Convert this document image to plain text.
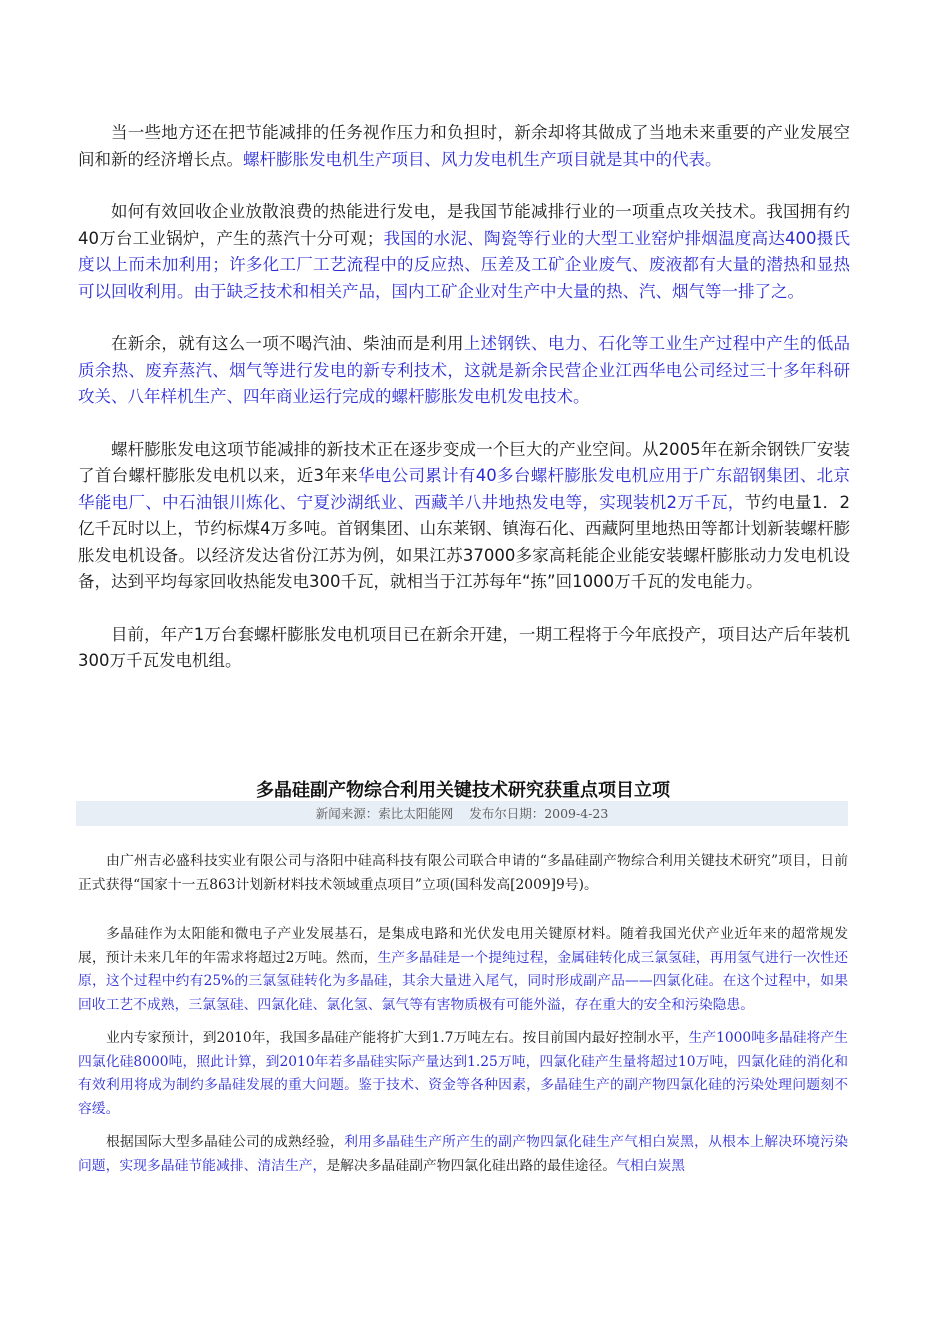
当一些地方还在把节能减排的任务视作压力和负担时，新余却将其做成了当地未来重要的产业发展空间和新的经济增长点。螺杆膨胀发电机生产项目、风力发电机生产项目就是其中的代表。

如何有效回收企业放散浪费的热能进行发电，是我国节能减排行业的一项重点攻关技术。我国拥有约40万台工业锅炉，产生的蒸汽十分可观；我国的水泥、陶瓷等行业的大型工业窑炉排烟温度高达400摄氏度以上而未加利用；许多化工厂工艺流程中的反应热、压差及工矿企业废气、废液都有大量的潜热和显热可以回收利用。由于缺乏技术和相关产品，国内工矿企业对生产中大量的热、汽、烟气等一排了之。

在新余，就有这么一项不喝汽油、柴油而是利用上述钢铁、电力、石化等工业生产过程中产生的低品质余热、废弃蒸汽、烟气等进行发电的新专利技术，这就是新余民营企业江西华电公司经过三十多年科研攻关、八年样机生产、四年商业运行完成的螺杆膨胀发电机发电技术。

螺杆膨胀发电这项节能减排的新技术正在逐步变成一个巨大的产业空间。从2005年在新余钢铁厂安装了首台螺杆膨胀发电机以来，近3年来华电公司累计有40多台螺杆膨胀发电机应用于广东韶钢集团、北京华能电厂、中石油银川炼化、宁夏沙湖纸业、西藏羊八井地热发电等，实现装机2万千瓦，节约电量1．2亿千瓦时以上，节约标煤4万多吨。首钢集团、山东莱钢、镇海石化、西藏阿里地热田等都计划新装螺杆膨胀发电机设备。以经济发达省份江苏为例，如果江苏37000多家高耗能企业能安装螺杆膨胀动力发电机设备，达到平均每家回收热能发电300千瓦，就相当于江苏每年“拣”回1000万千瓦的发电能力。

目前，年产1万台套螺杆膨胀发电机项目已在新余开建，一期工程将于今年底投产，项目达产后年装机300万千瓦发电机组。

多晶硅副产物综合利用关键技术研究获重点项目立项
新闻来源：索比太阳能网 发布尔日期：2009-4-23

由广州吉必盛科技实业有限公司与洛阳中硅高科技有限公司联合申请的“多晶硅副产物综合利用关键技术研究”项目，日前正式获得“国家十一五863计划新材料技术领域重点项目”立项(国科发高[2009]9号)。

多晶硅作为太阳能和微电子产业发展基石，是集成电路和光伏发电用关键原材料。随着我国光伏产业近年来的超常规发展，预计未来几年的年需求将超过2万吨。然而，生产多晶硅是一个提纯过程，金属硅转化成三氯氢硅，再用氢气进行一次性还原，这个过程中约有25%的三氯氢硅转化为多晶硅，其余大量进入尾气，同时形成副产品——四氯化硅。在这个过程中，如果回收工艺不成熟，三氯氢硅、四氯化硅、氯化氢、氯气等有害物质极有可能外溢，存在重大的安全和污染隐患。

业内专家预计，到2010年，我国多晶硅产能将扩大到1.7万吨左右。按目前国内最好控制水平，生产1000吨多晶硅将产生四氯化硅8000吨，照此计算，到2010年若多晶硅实际产量达到1.25万吨，四氯化硅产生量将超过10万吨，四氯化硅的消化和有效利用将成为制约多晶硅发展的重大问题。鉴于技术、资金等各种因素，多晶硅生产的副产物四氯化硅的污染处理问题刻不容缓。

根据国际大型多晶硅公司的成熟经验，利用多晶硅生产所产生的副产物四氯化硅生产气相白炭黑，从根本上解决环境污染问题，实现多晶硅节能减排、清洁生产，是解决多晶硅副产物四氯化硅出路的最佳途径。气相白炭黑
